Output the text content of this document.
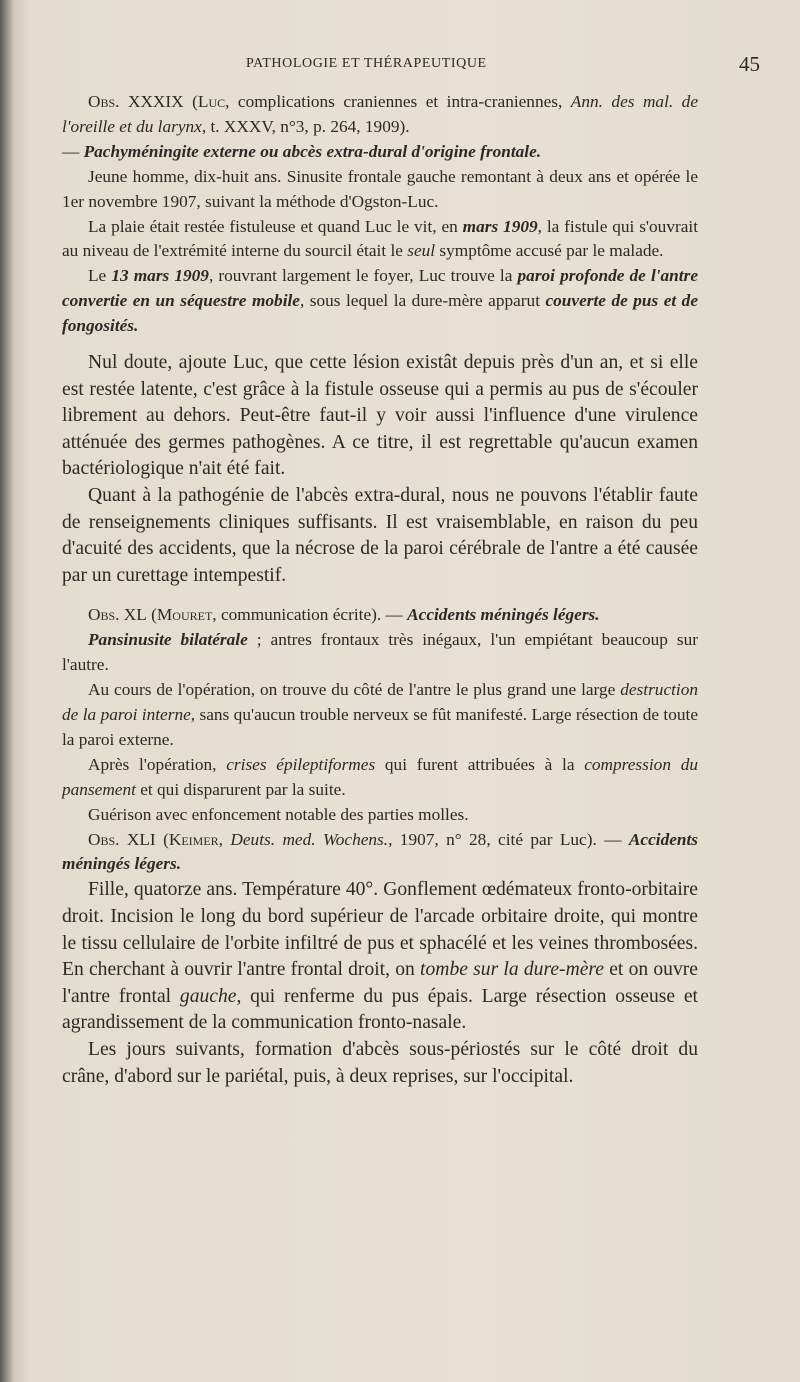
PATHOLOGIE ET THÉRAPEUTIQUE	45

Obs. XXXIX (Luc, complications craniennes et intra-craniennes, Ann. des mal. de l'oreille et du larynx, t. XXXV, n°3, p. 264, 1909).
— Pachyméningite externe ou abcès extra-dural d'origine frontale.

Jeune homme, dix-huit ans. Sinusite frontale gauche remontant à deux ans et opérée le 1er novembre 1907, suivant la méthode d'Ogston-Luc.

La plaie était restée fistuleuse et quand Luc le vit, en mars 1909, la fistule qui s'ouvrait au niveau de l'extrémité interne du sourcil était le seul symptôme accusé par le malade.

Le 13 mars 1909, rouvrant largement le foyer, Luc trouve la paroi profonde de l'antre convertie en un séquestre mobile, sous lequel la dure-mère apparut couverte de pus et de fongosités.

Nul doute, ajoute Luc, que cette lésion existât depuis près d'un an, et si elle est restée latente, c'est grâce à la fistule osseuse qui a permis au pus de s'écouler librement au dehors. Peut-être faut-il y voir aussi l'influence d'une virulence atténuée des germes pathogènes. A ce titre, il est regrettable qu'aucun examen bactériologique n'ait été fait.

Quant à la pathogénie de l'abcès extra-dural, nous ne pouvons l'établir faute de renseignements cliniques suffisants. Il est vraisemblable, en raison du peu d'acuité des accidents, que la nécrose de la paroi cérébrale de l'antre a été causée par un curettage intempestif.

Obs. XL (Mouret, communication écrite). — Accidents méningés légers.

Pansinusite bilatérale ; antres frontaux très inégaux, l'un empiétant beaucoup sur l'autre.

Au cours de l'opération, on trouve du côté de l'antre le plus grand une large destruction de la paroi interne, sans qu'aucun trouble nerveux se fût manifesté. Large résection de toute la paroi externe.

Après l'opération, crises épileptiformes qui furent attribuées à la compression du pansement et qui disparurent par la suite.

Guérison avec enfoncement notable des parties molles.

Obs. XLI (Keimer, Deuts. med. Wochens., 1907, n° 28, cité par Luc). — Accidents méningés légers.

Fille, quatorze ans. Température 40°. Gonflement œdémateux fronto-orbitaire droit. Incision le long du bord supérieur de l'arcade orbitaire droite, qui montre le tissu cellulaire de l'orbite infiltré de pus et sphacélé et les veines thrombosées. En cherchant à ouvrir l'antre frontal droit, on tombe sur la dure-mère et on ouvre l'antre frontal gauche, qui renferme du pus épais. Large résection osseuse et agrandissement de la communication fronto-nasale.

Les jours suivants, formation d'abcès sous-périostés sur le côté droit du crâne, d'abord sur le pariétal, puis, à deux reprises, sur l'occipital.
